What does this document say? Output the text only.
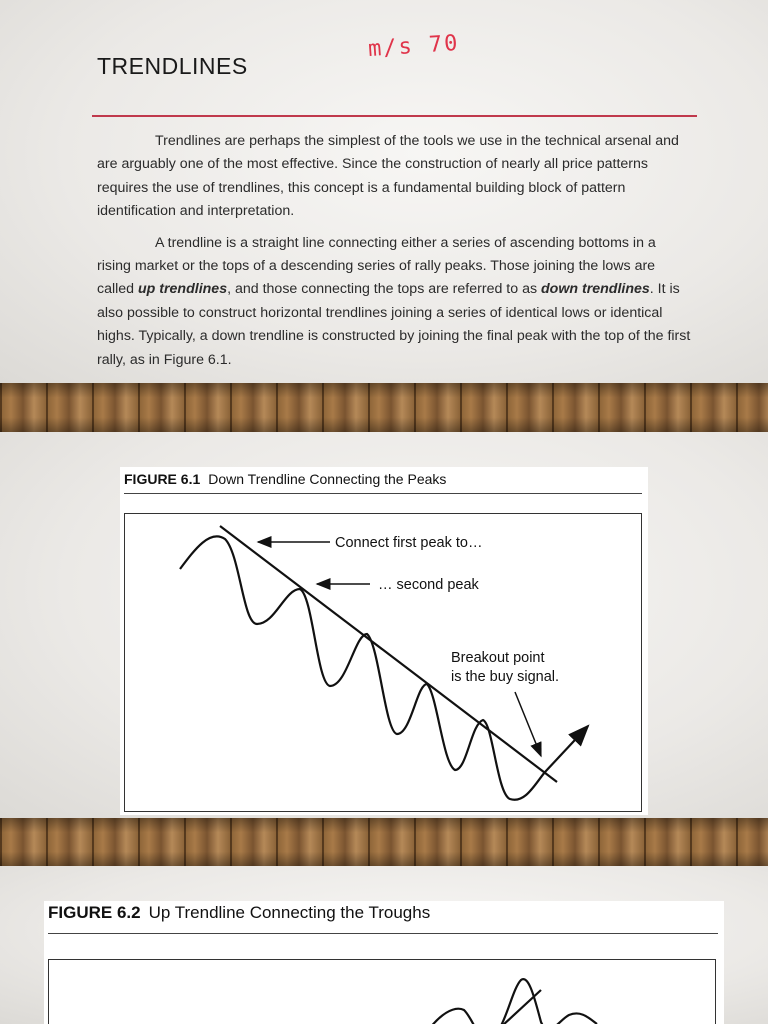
TRENDLINES
m/s 70

Trendlines are perhaps the simplest of the tools we use in the technical arsenal and are arguably one of the most effective. Since the construction of nearly all price patterns requires the use of trendlines, this concept is a fundamental building block of pattern identification and interpretation.

A trendline is a straight line connecting either a series of ascending bottoms in a rising market or the tops of a descending series of rally peaks. Those joining the lows are called up trendlines, and those connecting the tops are referred to as down trendlines. It is also possible to construct horizontal trendlines joining a series of identical lows or identical highs. Typically, a down trendline is constructed by joining the final peak with the top of the first rally, as in Figure 6.1.

FIGURE 6.1 Down Trendline Connecting the Peaks
Connect first peak to…
… second peak
Breakout point
is the buy signal.
FIGURE 6.2 Up Trendline Connecting the Troughs
